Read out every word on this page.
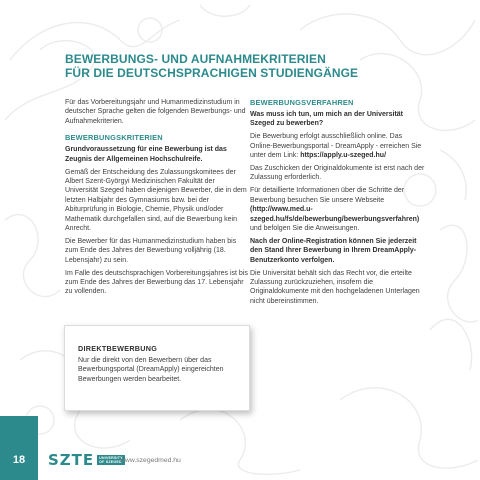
BEWERBUNGS- UND AUFNAHMEKRITERIEN
FÜR DIE DEUTSCHSPRACHIGEN STUDIENGÄNGE

Für das Vorbereitungsjahr und Humanmedizinstudium in deutscher Sprache gelten die folgenden Bewerbungs- und Aufnahmekriterien.

BEWERBUNGSKRITERIEN

Grundvoraussetzung für eine Bewerbung ist das Zeugnis der Allgemeinen Hochschulreife.

Gemäß der Entscheidung des Zulassungskomitees der Albert Szent-Györgyi Medizinischen Fakultät der Universität Szeged haben diejenigen Bewerber, die in dem letzten Halbjahr des Gymnasiums bzw. bei der Abiturprüfung in Biologie, Chemie, Physik und/oder Mathematik durchgefallen sind, auf die Bewerbung kein Anrecht.

Die Bewerber für das Humanmedizinstudium haben bis zum Ende des Jahres der Bewerbung volljährig (18. Lebensjahr) zu sein.

Im Falle des deutschsprachigen Vorbereitungsjahres ist bis zum Ende des Jahres der Bewerbung das 17. Lebensjahr zu vollenden.

BEWERBUNGSVERFAHREN

Was muss ich tun, um mich an der Universität Szeged zu bewerben?

Die Bewerbung erfolgt ausschließlich online. Das Online-Bewerbungsportal - DreamApply - erreichen Sie unter dem Link: https://apply.u-szeged.hu/

Das Zuschicken der Originaldokumente ist erst nach der Zulassung erforderlich.

Für detaillierte Informationen über die Schritte der Bewerbung besuchen Sie unsere Webseite (http://www.med.u-szeged.hu/fs/de/bewerbung/bewerbungsverfahren) und befolgen Sie die Anweisungen.

Nach der Online-Registration können Sie jederzeit den Stand Ihrer Bewerbung in Ihrem DreamApply-Benutzerkonto verfolgen.

Die Universität behält sich das Recht vor, die erteilte Zulassung zurückzuziehen, insofern die Originaldokumente mit den hochgeladenen Unterlagen nicht übereinstimmen.

DIREKTBEWERBUNG
Nur die direkt von den Bewerbern über das Bewerbungsportal (DreamApply) eingereichten Bewerbungen werden bearbeitet.
18	SZTE UNIVERSITY
OF SZEGED
www.szegedmed.hu
